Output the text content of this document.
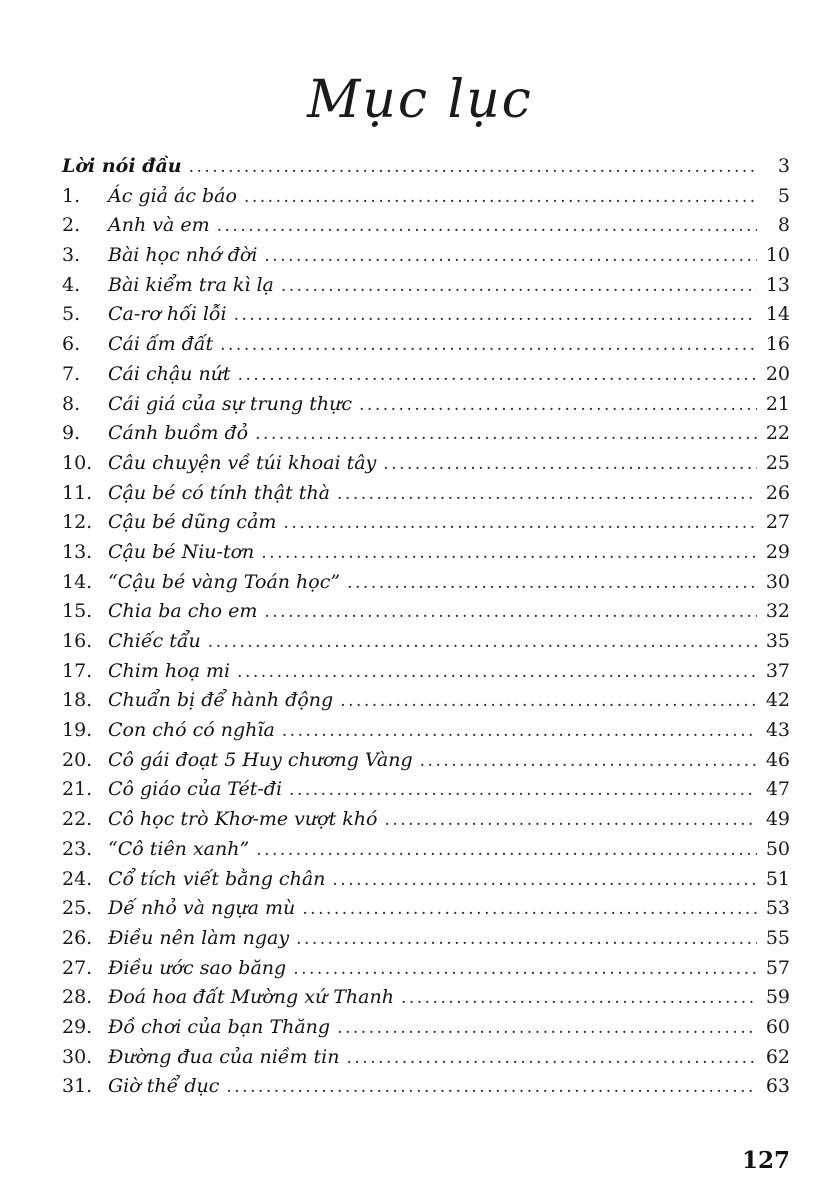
Mục lục
Lời nói đầu .....	3
1.	Ác giả ác báo .....	5
2.	Anh và em .....	8
3.	Bài học nhớ đời .....	10
4.	Bài kiểm tra kì lạ .....	13
5.	Ca-rơ hối lỗi .....	14
6.	Cái ấm đất .....	16
7.	Cái chậu nứt .....	20
8.	Cái giá của sự trung thực .....	21
9.	Cánh buồm đỏ .....	22
10. Câu chuyện về túi khoai tây .....	25
11. Cậu bé có tính thật thà .....	26
12. Cậu bé dũng cảm .....	27
13. Cậu bé Niu-tơn .....	29
14. “Cậu bé vàng Toán học” .....	30
15. Chia ba cho em .....	32
16. Chiếc tẩu .....	35
17. Chim hoạ mi .....	37
18. Chuẩn bị để hành động .....	42
19. Con chó có nghĩa .....	43
20. Cô gái đoạt 5 Huy chương Vàng .....	46
21. Cô giáo của Tét-đi .....	47
22. Cô học trò Khơ-me vượt khó .....	49
23. “Cô tiên xanh” .....	50
24. Cổ tích viết bằng chân .....	51
25. Dế nhỏ và ngựa mù .....	53
26. Điều nên làm ngay .....	55
27. Điều ước sao băng .....	57
28. Đoá hoa đất Mường xứ Thanh .....	59
29. Đồ chơi của bạn Thăng .....	60
30. Đường đua của niềm tin .....	62
31. Giờ thể dục .....	63
127
